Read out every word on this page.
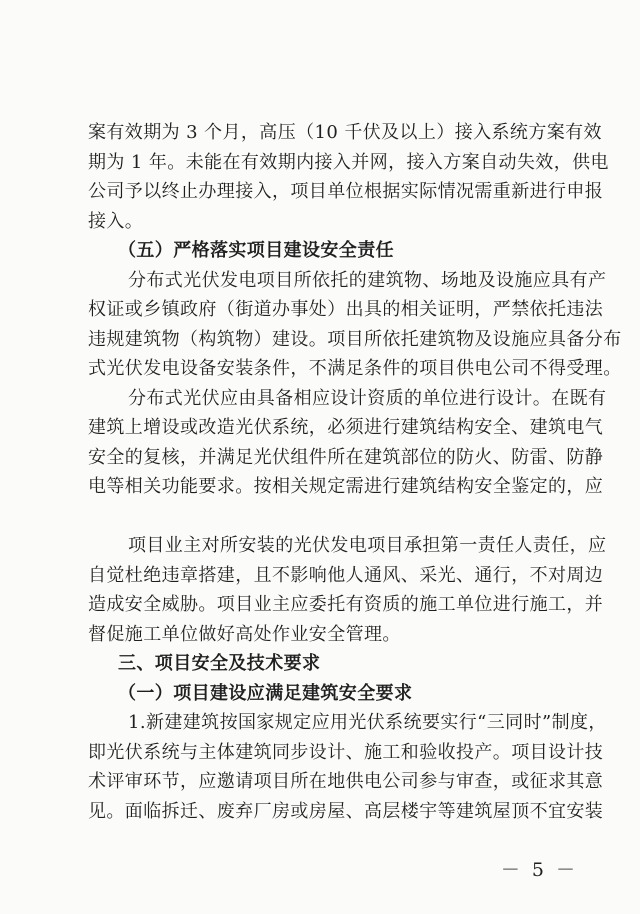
案有效期为 3 个月，高压（10 千伏及以上）接入系统方案有效
期为 1 年。未能在有效期内接入并网，接入方案自动失效，供电
公司予以终止办理接入，项目单位根据实际情况需重新进行申报
接入。
（五）严格落实项目建设安全责任
分布式光伏发电项目所依托的建筑物、场地及设施应具有产
权证或乡镇政府（街道办事处）出具的相关证明，严禁依托违法
违规建筑物（构筑物）建设。项目所依托建筑物及设施应具备分布
式光伏发电设备安装条件，不满足条件的项目供电公司不得受理。
分布式光伏应由具备相应设计资质的单位进行设计。在既有
建筑上增设或改造光伏系统，必须进行建筑结构安全、建筑电气
安全的复核，并满足光伏组件所在建筑部位的防火、防雷、防静
电等相关功能要求。按相关规定需进行建筑结构安全鉴定的，应
项目业主对所安装的光伏发电项目承担第一责任人责任，应
自觉杜绝违章搭建，且不影响他人通风、采光、通行，不对周边
造成安全威胁。项目业主应委托有资质的施工单位进行施工，并
督促施工单位做好高处作业安全管理。
三、项目安全及技术要求
（一）项目建设应满足建筑安全要求
1.新建建筑按国家规定应用光伏系统要实行“三同时”制度，
即光伏系统与主体建筑同步设计、施工和验收投产。项目设计技
术评审环节，应邀请项目所在地供电公司参与审查，或征求其意
见。面临拆迁、废弃厂房或房屋、高层楼宇等建筑屋顶不宜安装
－ 5 －
